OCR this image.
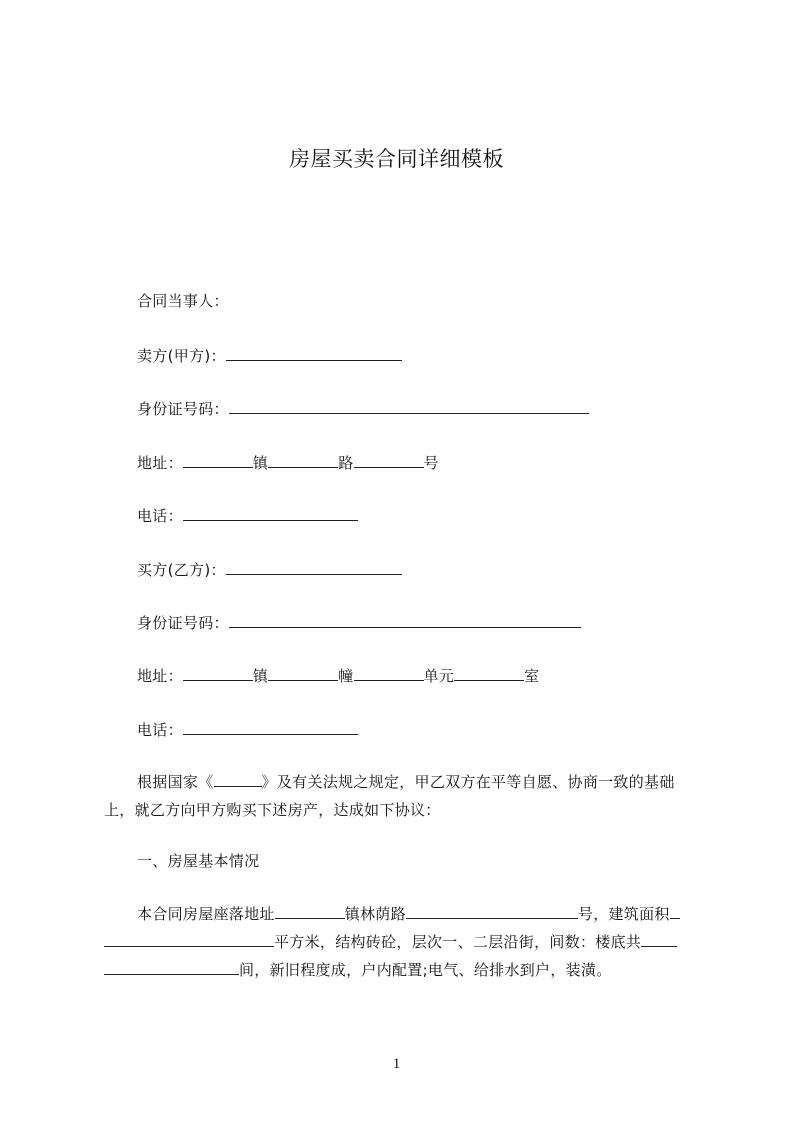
房屋买卖合同详细模板
合同当事人：
卖方(甲方)：
身份证号码：
地址：	镇	路	号
电话：
买方(乙方)：
身份证号码：
地址：	镇	幢	单元	室
电话：
根据国家《	》及有关法规之规定，甲乙双方在平等自愿、协商一致的基础
上，就乙方向甲方购买下述房产，达成如下协议：
一、房屋基本情况
本合同房屋座落地址	镇林荫路	号，建筑面积
平方米，结构砖砼，层次一、二层沿街，间数：楼底共
间，新旧程度成，户内配置;电气、给排水到户，装潢。
1
